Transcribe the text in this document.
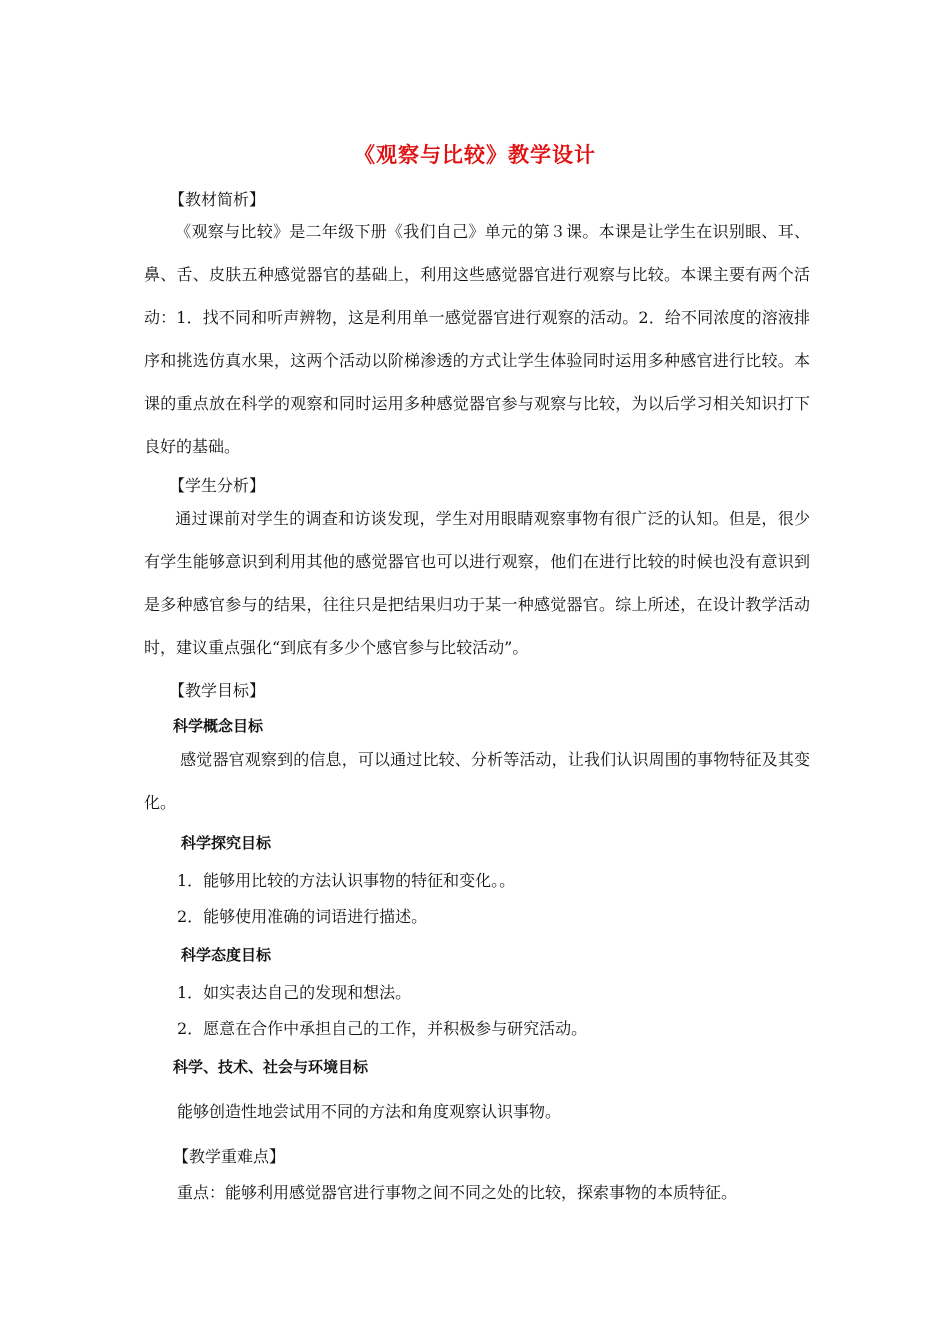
《观察与比较》教学设计
【教材简析】
《观察与比较》是二年级下册《我们自己》单元的第３课。本课是让学生在识别眼、耳、鼻、舌、皮肤五种感觉器官的基础上，利用这些感觉器官进行观察与比较。本课主要有两个活动：1．找不同和听声辨物，这是利用单一感觉器官进行观察的活动。2．给不同浓度的溶液排序和挑选仿真水果，这两个活动以阶梯渗透的方式让学生体验同时运用多种感官进行比较。本课的重点放在科学的观察和同时运用多种感觉器官参与观察与比较，为以后学习相关知识打下良好的基础。
【学生分析】
通过课前对学生的调查和访谈发现，学生对用眼睛观察事物有很广泛的认知。但是，很少有学生能够意识到利用其他的感觉器官也可以进行观察，他们在进行比较的时候也没有意识到是多种感官参与的结果，往往只是把结果归功于某一种感觉器官。综上所述，在设计教学活动时，建议重点强化“到底有多少个感官参与比较活动”。
【教学目标】
科学概念目标
感觉器官观察到的信息，可以通过比较、分析等活动，让我们认识周围的事物特征及其变化。
科学探究目标
1．能够用比较的方法认识事物的特征和变化。。
2．能够使用准确的词语进行描述。
科学态度目标
1．如实表达自己的发现和想法。
2．愿意在合作中承担自己的工作，并积极参与研究活动。
科学、技术、社会与环境目标
能够创造性地尝试用不同的方法和角度观察认识事物。
【教学重难点】
重点：能够利用感觉器官进行事物之间不同之处的比较，探索事物的本质特征。
